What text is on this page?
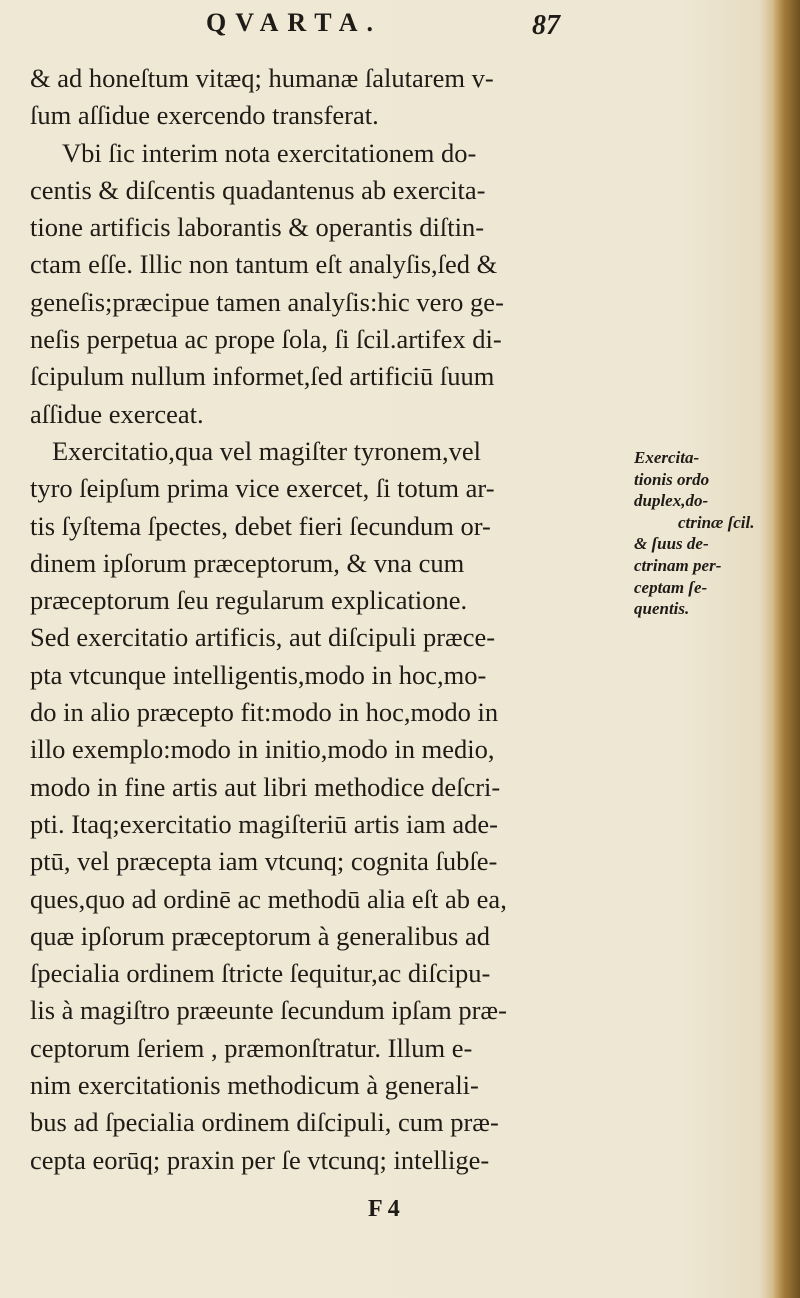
QVARTA.	87
& ad honeſtum vitæq; humanæ ſalutarem v-
ſum aſſidue exercendo transferat.
Vbi ſic interim nota exercitationem do-
centis & diſcentis quadantenus ab exercita-
tione artificis laborantis & operantis diſtin-
ctam eſſe. Illic non tantum eſt analyſis,ſed &
geneſis;præcipue tamen analyſis:hic vero ge-
neſis perpetua ac prope ſola, ſi ſcil.artifex di-
ſcipulum nullum informet,ſed artificiū ſuum
aſſidue exerceat.
Exercitatio,qua vel magiſter tyronem,vel
tyro ſeipſum prima vice exercet, ſi totum ar-
tis ſyſtema ſpectes, debet fieri ſecundum or-
dinem ipſorum præceptorum, & vna cum
præceptorum ſeu regularum explicatione.
Sed exercitatio artificis, aut diſcipuli præce-
pta vtcunque intelligentis,modo in hoc,mo-
do in alio præcepto fit:modo in hoc,modo in
illo exemplo:modo in initio,modo in medio,
modo in fine artis aut libri methodice deſcri-
pti. Itaq;exercitatio magiſteriū artis iam ade-
ptū, vel præcepta iam vtcunq; cognita ſubſe-
ques,quo ad ordinē ac methodū alia eſt ab ea,
quæ ipſorum præceptorum à generalibus ad
ſpecialia ordinem ſtricte ſequitur,ac diſcipu-
lis à magiſtro præeunte ſecundum ipſam præ-
ceptorum ſeriem , præmonſtratur. Illum e-
nim exercitationis methodicum à generali-
bus ad ſpecialia ordinem diſcipuli, cum præ-
cepta eorūq; praxin per ſe vtcunq; intellige-
Exercita-
tionis ordo
duplex,do-
ctrinæ ſcil.
& ſuus de-
ctrinam per-
ceptam ſe-
quentis.
F 4
